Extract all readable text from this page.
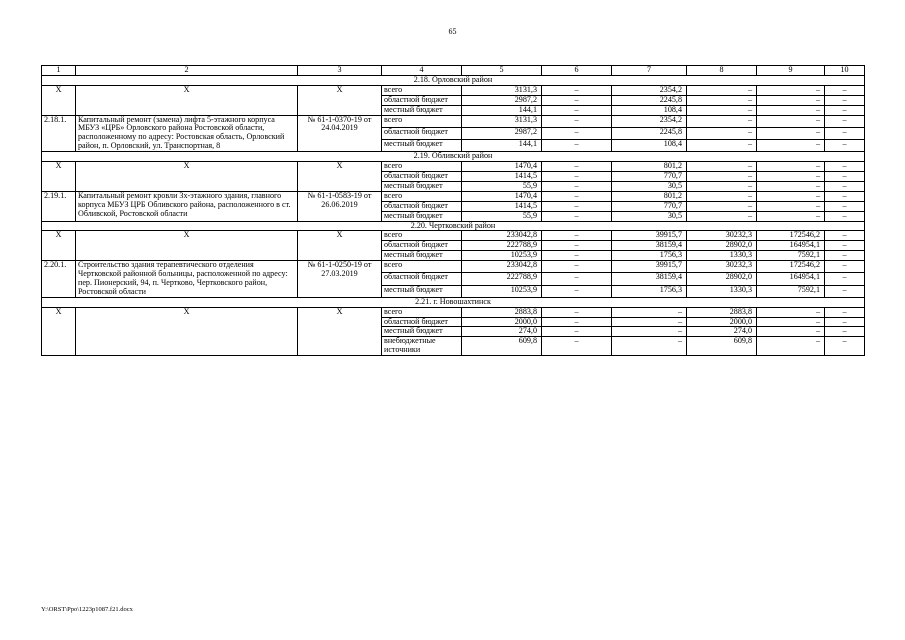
65
1	2	3	4	5	6	7	8	9	10
2.18. Орловский район									
X	X	X	всего	3131,3	–	2354,2	–	–	–
			областной бюджет	2987,2	–	2245,8	–	–	–
			местный бюджет	144,1	–	108,4	–	–	–
2.18.1.	Капитальный ремонт (замена) лифта 5-этажного корпуса МБУЗ «ЦРБ» Орловского района Ростовской области, расположенному по адресу: Ростовская область, Орловский район, п. Орловский, ул. Транспортная, 8	№ 61-1-0370-19 от 24.04.2019	всего	3131,3	–	2354,2	–	–	–
			областной бюджет	2987,2	–	2245,8	–	–	–
			местный бюджет	144,1	–	108,4	–	–	–
2.19. Обливский район									
X	X	X	всего	1470,4	–	801,2	–	–	–
			областной бюджет	1414,5	–	770,7	–	–	–
			местный бюджет	55,9	–	30,5	–	–	–
2.19.1.	Капитальный ремонт кровли 3х-этажного здания, главного корпуса МБУЗ ЦРБ Обливского района, расположенного в ст. Обливской, Ростовской области	№ 61-1-0583-19 от 26.06.2019	всего	1470,4	–	801,2	–	–	–
			областной бюджет	1414,5	–	770,7	–	–	–
			местный бюджет	55,9	–	30,5	–	–	–
2.20. Чертковский район									
X	X	X	всего	233042,8	–	39915,7	30232,3	172546,2	–
			областной бюджет	222788,9	–	38159,4	28902,0	164954,1	–
			местный бюджет	10253,9	–	1756,3	1330,3	7592,1	–
2.20.1.	Строительство здания терапевтического отделения Чертковской районной больницы, расположенной по адресу: пер. Пионерский, 94, п. Чертково, Чертковского район, Ростовской области	№ 61-1-0250-19 от 27.03.2019	всего	233042,8	–	39915,7	30232,3	172546,2	–
			областной бюджет	222788,9	–	38159,4	28902,0	164954,1	–
			местный бюджет	10253,9	–	1756,3	1330,3	7592,1	–
2.21. г. Новошахтинск									
X	X	X	всего	2883,8	–	–	2883,8	–	–
			областной бюджет	2000,0	–	–	2000,0	–	–
			местный бюджет	274,0	–	–	274,0	–	–
			внебюджетные источники	609,8	–	–	609,8	–	–
Y:\ORST\Ppo\1223p1087.f21.docx
